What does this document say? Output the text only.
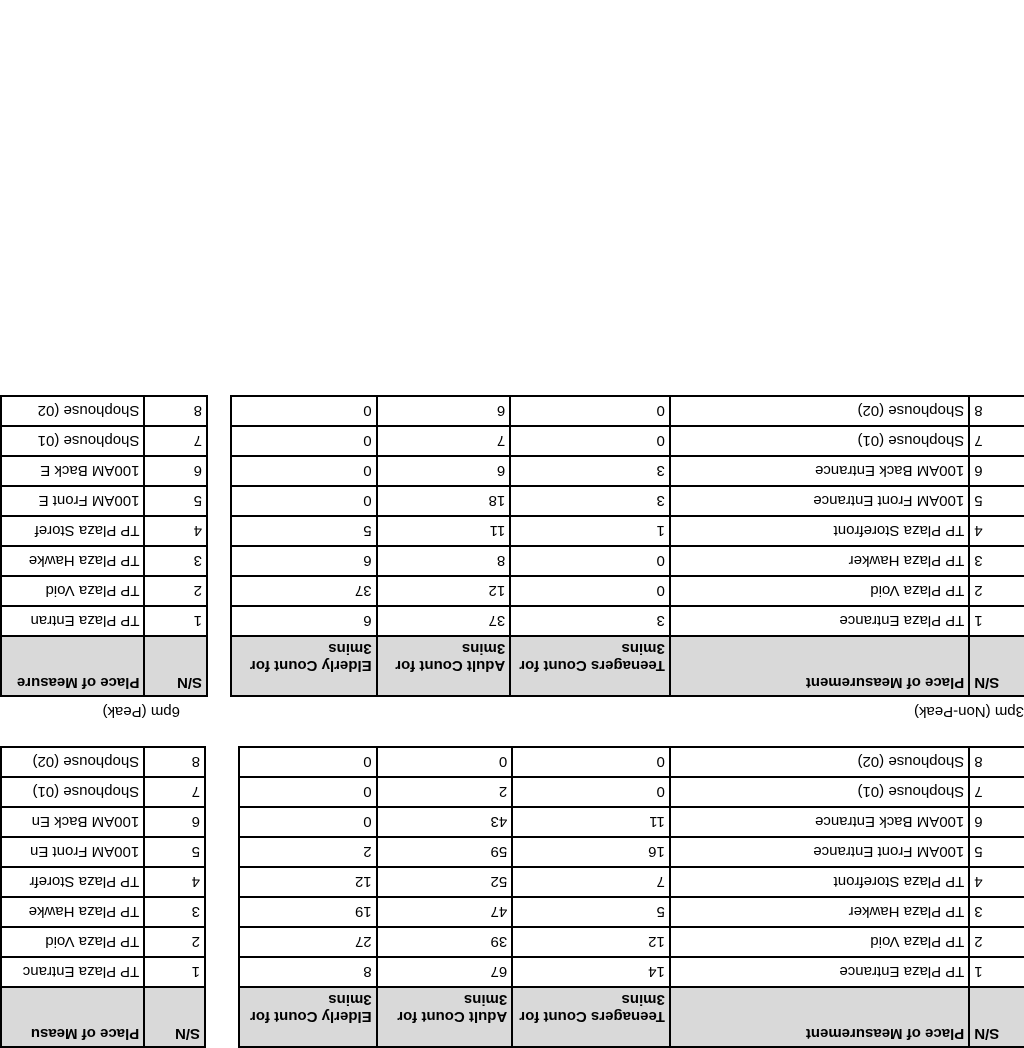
6pm (Peak)
S/N	Place of Measure
1	TP Plaza Entran
2	TP Plaza Void
3	TP Plaza Hawke
4	TP Plaza Storef
5	100AM Front E
6	100AM Back E
7	Shophouse (01
8	Shophouse (02
3pm (Non-Peak)
S/N	Place of Measurement	Teenagers Count for 3mins	Adult Count for 3mins	Elderly Count for 3mins
1	TP Plaza Entrance	3	37	6
2	TP Plaza Void	0	12	37
3	TP Plaza Hawker	0	8	6
4	TP Plaza Storefront	1	11	5
5	100AM Front Entrance	3	18	0
6	100AM Back Entrance	3	6	0
7	Shophouse (01)	0	7	0
8	Shophouse (02)	0	6	0
S/N	Place of Measu
1	TP Plaza Entranc
2	TP Plaza Void
3	TP Plaza Hawke
4	TP Plaza Storefr
5	100AM Front En
6	100AM Back En
7	Shophouse (01)
8	Shophouse (02)
S/N	Place of Measurement	Teenagers Count for 3mins	Adult Count for 3mins	Elderly Count for 3mins
1	TP Plaza Entrance	14	67	8
2	TP Plaza Void	12	39	27
3	TP Plaza Hawker	5	47	19
4	TP Plaza Storefront	7	52	12
5	100AM Front Entrance	16	59	2
6	100AM Back Entrance	11	43	0
7	Shophouse (01)	0	2	0
8	Shophouse (02)	0	0	0
